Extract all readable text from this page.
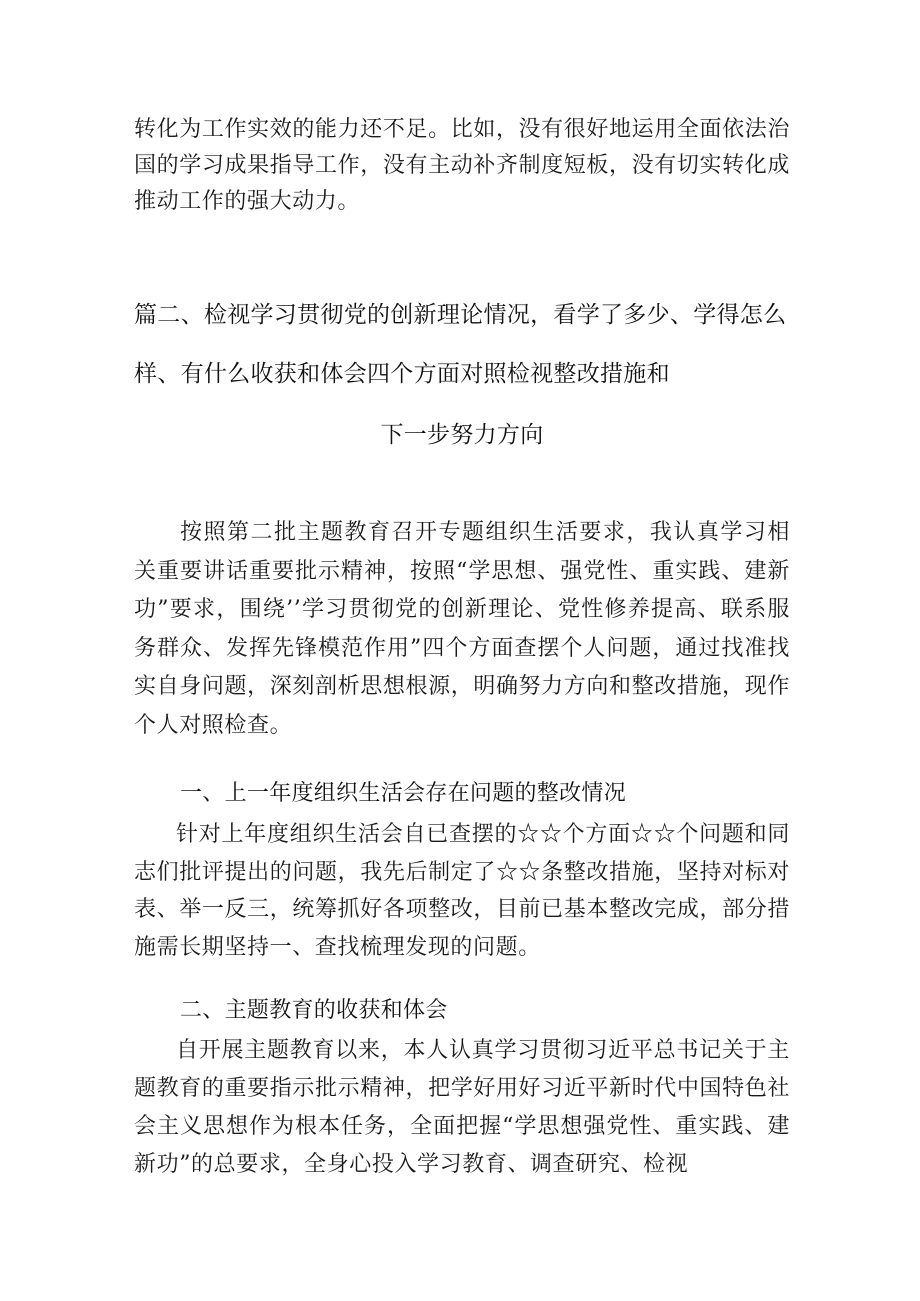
转化为工作实效的能力还不足。比如，没有很好地运用全面依法治国的学习成果指导工作，没有主动补齐制度短板，没有切实转化成推动工作的强大动力。
篇二、检视学习贯彻党的创新理论情况，看学了多少、学得怎么
样、有什么收获和体会四个方面对照检视整改措施和
下一步努力方向
按照第二批主题教育召开专题组织生活要求，我认真学习相关重要讲话重要批示精神，按照“学思想、强党性、重实践、建新功”要求，围绕’’学习贯彻党的创新理论、党性修养提高、联系服务群众、发挥先锋模范作用”四个方面查摆个人问题，通过找准找实自身问题，深刻剖析思想根源，明确努力方向和整改措施，现作个人对照检查。
一、上一年度组织生活会存在问题的整改情况
针对上年度组织生活会自已查摆的☆☆个方面☆☆个问题和同志们批评提出的问题，我先后制定了☆☆条整改措施，坚持对标对表、举一反三，统筹抓好各项整改，目前已基本整改完成，部分措施需长期坚持一、查找梳理发现的问题。
二、主题教育的收获和体会
自开展主题教育以来，本人认真学习贯彻习近平总书记关于主题教育的重要指示批示精神，把学好用好习近平新时代中国特色社会主义思想作为根本任务，全面把握“学思想强党性、重实践、建新功”的总要求，全身心投入学习教育、调查研究、检视
